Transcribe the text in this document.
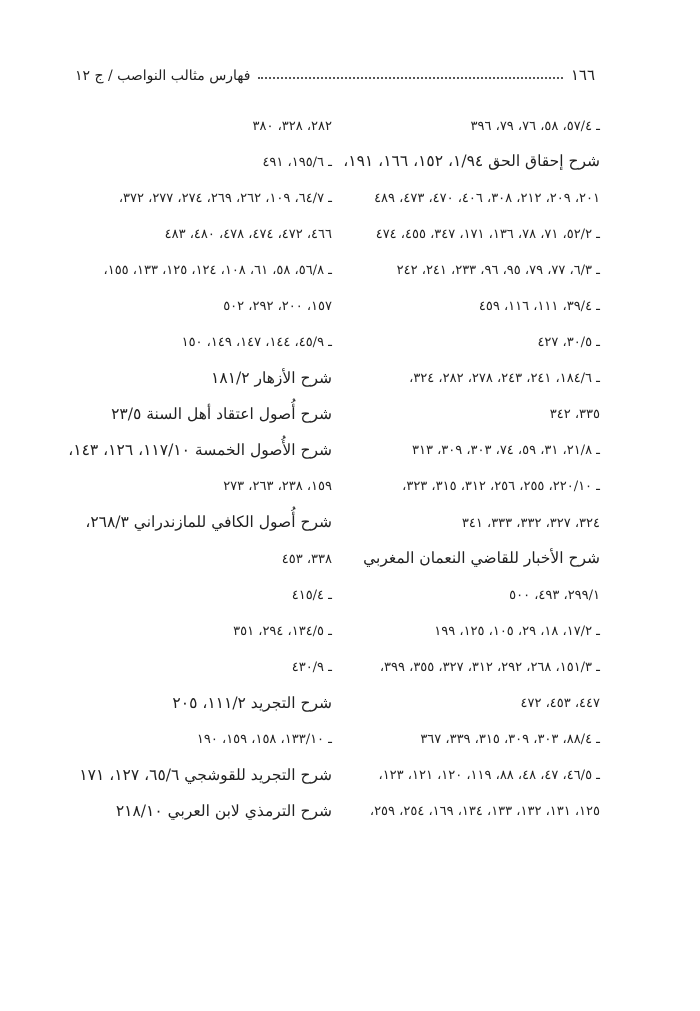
١٦٦
فهارس مثالب النواصب / ج ١٢
ـ ٥٧/٤، ٥٨، ٧٦، ٧٩، ٣٩٦
٢٨٢، ٣٢٨، ٣٨٠
شرح إحقاق الحق ١/٩٤، ١٥٢، ١٦٦، ١٩١،
ـ ١٩٥/٦، ٤٩١
٢٠١، ٢٠٩، ٢١٢، ٣٠٨، ٤٠٦، ٤٧٠، ٤٧٣، ٤٨٩
ـ ٦٤/٧، ١٠٩، ٢٦٢، ٢٦٩، ٢٧٤، ٢٧٧، ٣٧٢،
ـ ٥٢/٢، ٧١، ٧٨، ١٣٦، ١٧١، ٣٤٧، ٤٥٥، ٤٧٤
٤٦٦، ٤٧٢، ٤٧٤، ٤٧٨، ٤٨٠، ٤٨٣
ـ ٦/٣، ٧٧، ٧٩، ٩٥، ٩٦، ٢٣٣، ٢٤١، ٢٤٢
ـ ٥٦/٨، ٥٨، ٦١، ١٠٨، ١٢٤، ١٢٥، ١٣٣، ١٥٥،
ـ ٣٩/٤، ١١١، ١١٦، ٤٥٩
١٥٧، ٢٠٠، ٢٩٢، ٥٠٢
ـ ٣٠/٥، ٤٢٧
ـ ٤٥/٩، ١٤٤، ١٤٧، ١٤٩، ١٥٠
ـ ١٨٤/٦، ٢٤١، ٢٤٣، ٢٧٨، ٢٨٢، ٣٢٤،
شرح الأزهار ١٨١/٢
٣٣٥، ٣٤٢
شرح أُصول اعتقاد أهل السنة ٢٣/٥
ـ ٢١/٨، ٣١، ٥٩، ٧٤، ٣٠٣، ٣٠٩، ٣١٣
شرح الأُصول الخمسة ١١٧/١٠، ١٢٦، ١٤٣،
ـ ٢٢٠/١٠، ٢٥٥، ٢٥٦، ٣١٢، ٣١٥، ٣٢٣،
١٥٩، ٢٣٨، ٢٦٣، ٢٧٣
٣٢٤، ٣٢٧، ٣٣٢، ٣٣٣، ٣٤١
شرح أُصول الكافي للمازندراني ٢٦٨/٣،
شرح الأخبار للقاضي النعمان المغربي
٣٣٨، ٤٥٣
٢٩٩/١، ٤٩٣، ٥٠٠
ـ ٤١٥/٤
ـ ١٧/٢، ١٨، ٢٩، ١٠٥، ١٢٥، ١٩٩
ـ ١٣٤/٥، ٢٩٤، ٣٥١
ـ ١٥١/٣، ٢٦٨، ٢٩٢، ٣١٢، ٣٢٧، ٣٥٥، ٣٩٩،
ـ ٤٣٠/٩
٤٤٧، ٤٥٣، ٤٧٢
شرح التجريد ١١١/٢، ٢٠٥
ـ ٨٨/٤، ٣٠٣، ٣٠٩، ٣١٥، ٣٣٩، ٣٦٧
ـ ١٣٣/١٠، ١٥٨، ١٥٩، ١٩٠
ـ ٤٦/٥، ٤٧، ٤٨، ٨٨، ١١٩، ١٢٠، ١٢١، ١٢٣،
شرح التجريد للقوشجي ٦٥/٦، ١٢٧، ١٧١
١٢٥، ١٣١، ١٣٢، ١٣٣، ١٣٤، ١٦٩، ٢٥٤، ٢٥٩،
شرح الترمذي لابن العربي ٢١٨/١٠
